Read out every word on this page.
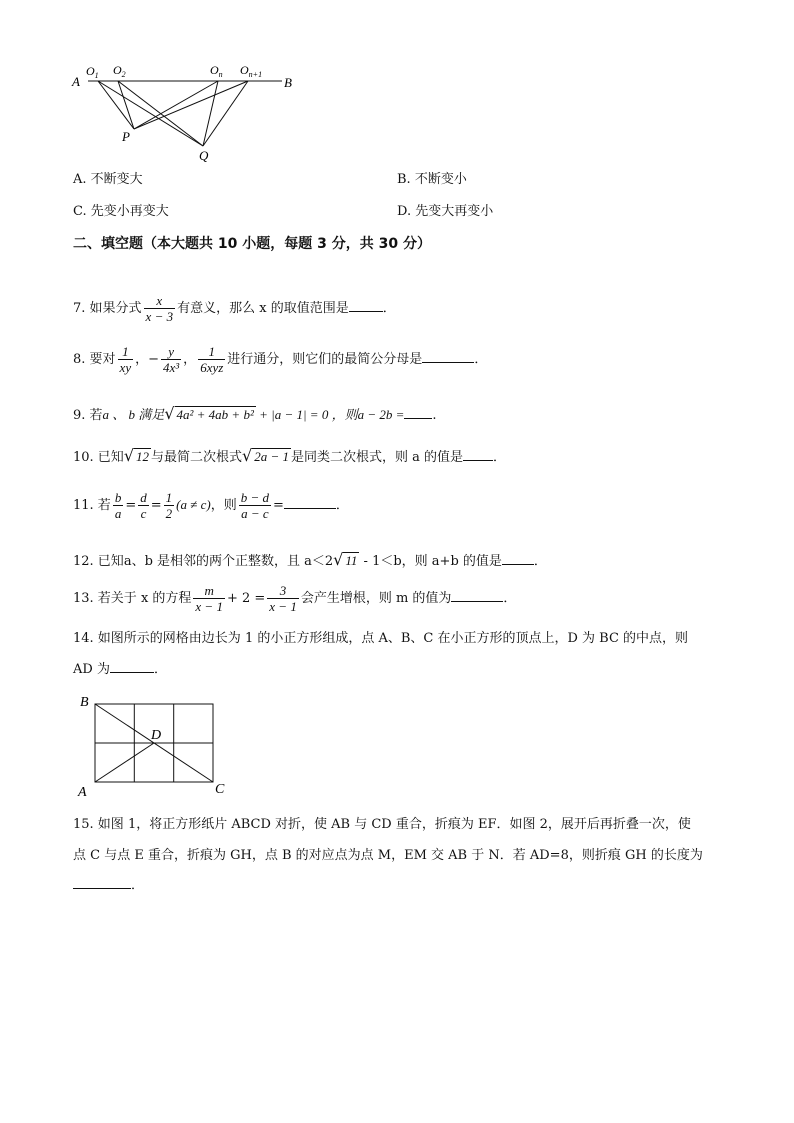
A
$O_1$ $O_2$	$O_n$ $O_{n+1}$
B
P
Q
A. 不断变大	B. 不断变小
C. 先变小再变大	D. 先变大再变小
二、填空题（本大题共 10 小题，每题 3 分，共 30 分）
7. 如果分式 $\frac{x}{x - 3}$ 有意义，那么 x 的取值范围是	．
8. 要对 $\frac{1}{xy}$ ，− $\frac{y}{\text{4x³}}$ ， $\frac{1}{\text{6xyz}}$ 进行通分，则它们的最简公分母是	．
9. 若a 、 b 满足√ 4a² + 4ab + b² + |a − 1| = 0 ，则a − 2b = .
10. 已知√ 12 与最简二次根式√ 2a − 1 是同类二次根式，则 a 的值是 ．
11. 若 $\frac{b}{a} = \frac{d}{c} = \frac{1}{2} (a \ne c)$，则 $\frac{b - d}{a - c}$ =	．
12. 已知a、b 是相邻的两个正整数，且 a＜2√ 11 - 1＜b，则 a+b 的值是 ．
13. 若关于 x 的方程 $\frac{m}{x - 1} + 2 = \frac{3}{x - 1}$ 会产生增根，则 m 的值为	．
14. 如图所示的网格由边长为 1 的小正方形组成，点 A、B、C 在小正方形的顶点上，D 为 BC 的中点，则
AD 为	．
B
D
A	C
15. 如图 1，将正方形纸片 ABCD 对折，使 AB 与 CD 重合，折痕为 EF．如图 2，展开后再折叠一次，使
点 C 与点 E 重合，折痕为 GH，点 B 的对应点为点 M，EM 交 AB 于 N．若 AD=8，则折痕 GH 的长度为
．
